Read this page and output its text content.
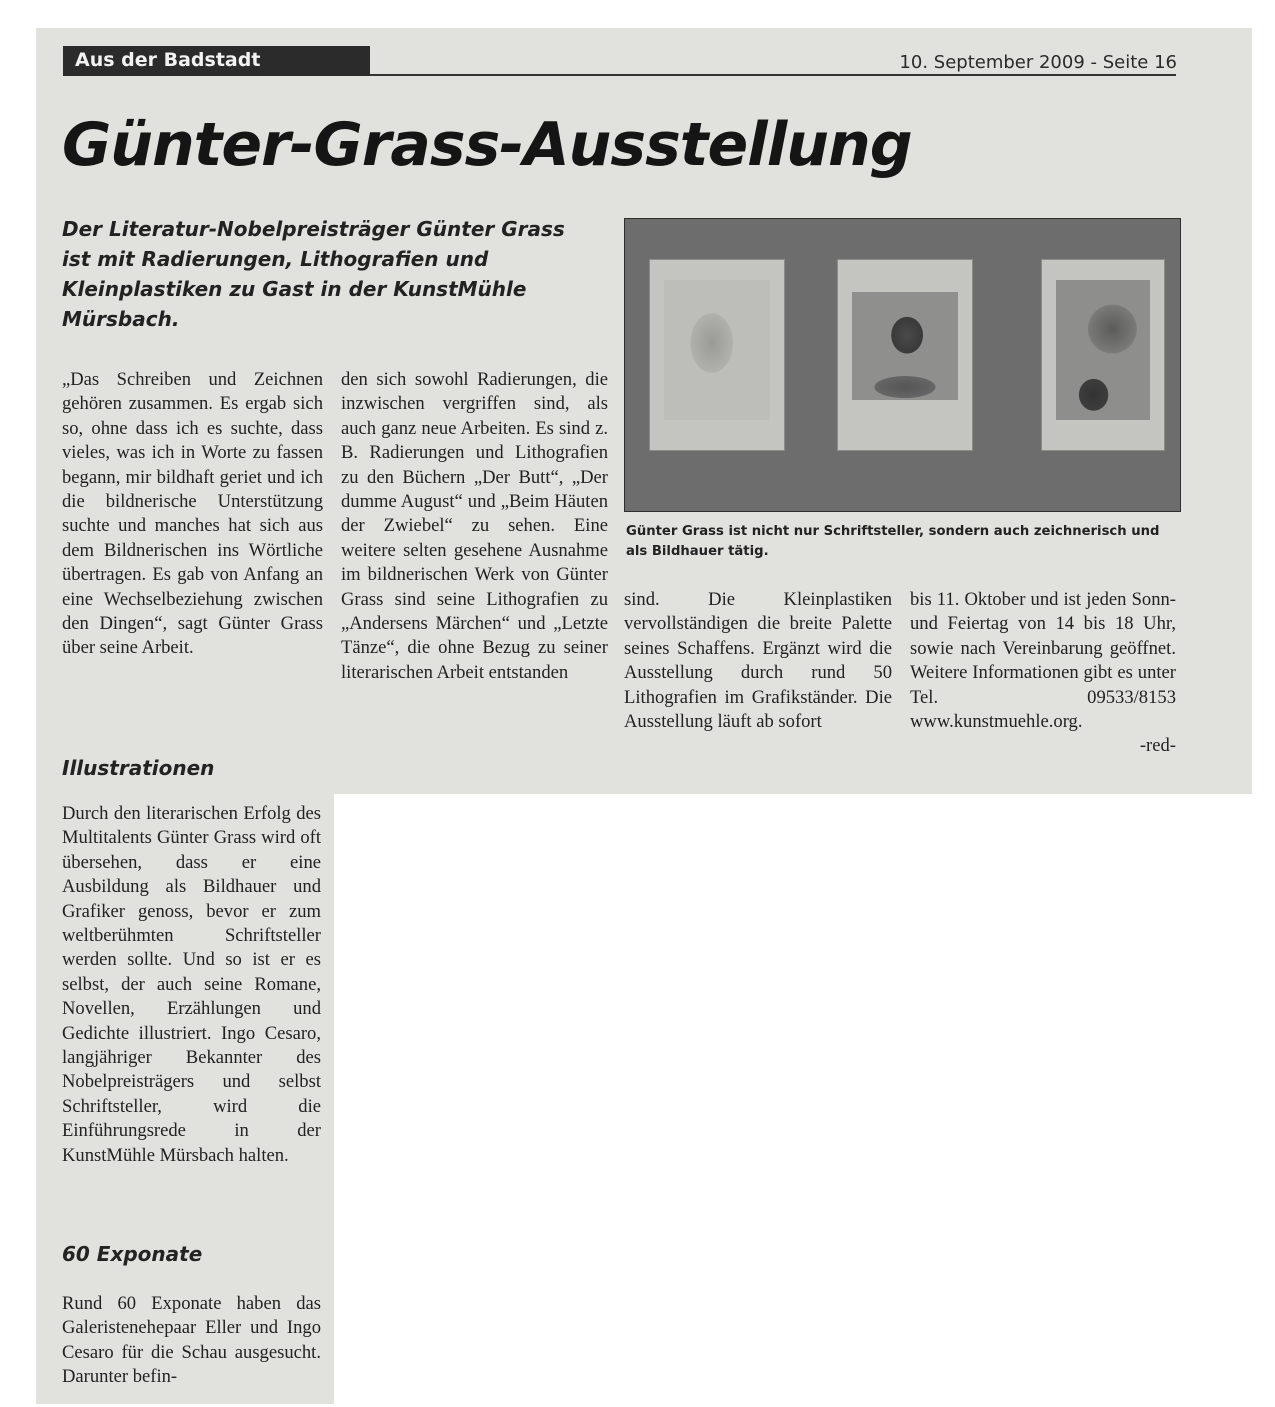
Aus der Badstadt	10. September 2009 - Seite 16
Günter-Grass-Ausstellung

Der Literatur-Nobelpreisträger Günter Grass ist mit Radierungen, Lithografien und Kleinplastiken zu Gast in der KunstMühle Mürsbach.

Günter Grass ist nicht nur Schriftsteller, sondern auch zeichnerisch und als Bildhauer tätig.

„Das Schreiben und Zeichnen gehören zusammen. Es ergab sich so, ohne dass ich es suchte, dass vieles, was ich in Worte zu fassen begann, mir bildhaft geriet und ich die bildnerische Unterstützung suchte und manches hat sich aus dem Bildnerischen ins Wörtliche übertragen. Es gab von Anfang an eine Wechselbeziehung zwischen den Dingen“, sagt Günter Grass über seine Arbeit.

Illustrationen

Durch den literarischen Erfolg des Multitalents Günter Grass wird oft übersehen, dass er eine Ausbildung als Bildhauer und Grafiker genoss, bevor er zum weltberühmten Schriftsteller werden sollte. Und so ist er es selbst, der auch seine Romane, Novellen, Erzählungen und Gedichte illustriert. Ingo Cesaro, langjähriger Bekannter des Nobelpreisträgers und selbst Schriftsteller, wird die Einführungsrede in der KunstMühle Mürsbach halten.

60 Exponate

Rund 60 Exponate haben das Galeristenehepaar Eller und Ingo Cesaro für die Schau ausgesucht. Darunter befin-

den sich sowohl Radierungen, die inzwischen vergriffen sind, als auch ganz neue Arbeiten. Es sind z. B. Radierungen und Lithografien zu den Büchern „Der Butt“, „Der dumme August“ und „Beim Häuten der Zwiebel“ zu sehen. Eine weitere selten gesehene Ausnahme im bildnerischen Werk von Günter Grass sind seine Lithografien zu „Andersens Märchen“ und „Letzte Tänze“, die ohne Bezug zu seiner literarischen Arbeit entstanden

sind. Die Kleinplastiken vervollständigen die breite Palette seines Schaffens. Ergänzt wird die Ausstellung durch rund 50 Lithografien im Grafikständer. Die Ausstellung läuft ab sofort

bis 11. Oktober und ist jeden Sonn- und Feiertag von 14 bis 18 Uhr, sowie nach Vereinbarung geöffnet. Weitere Informationen gibt es unter Tel. 09533/8153 www.kunstmuehle.org.

-red-
